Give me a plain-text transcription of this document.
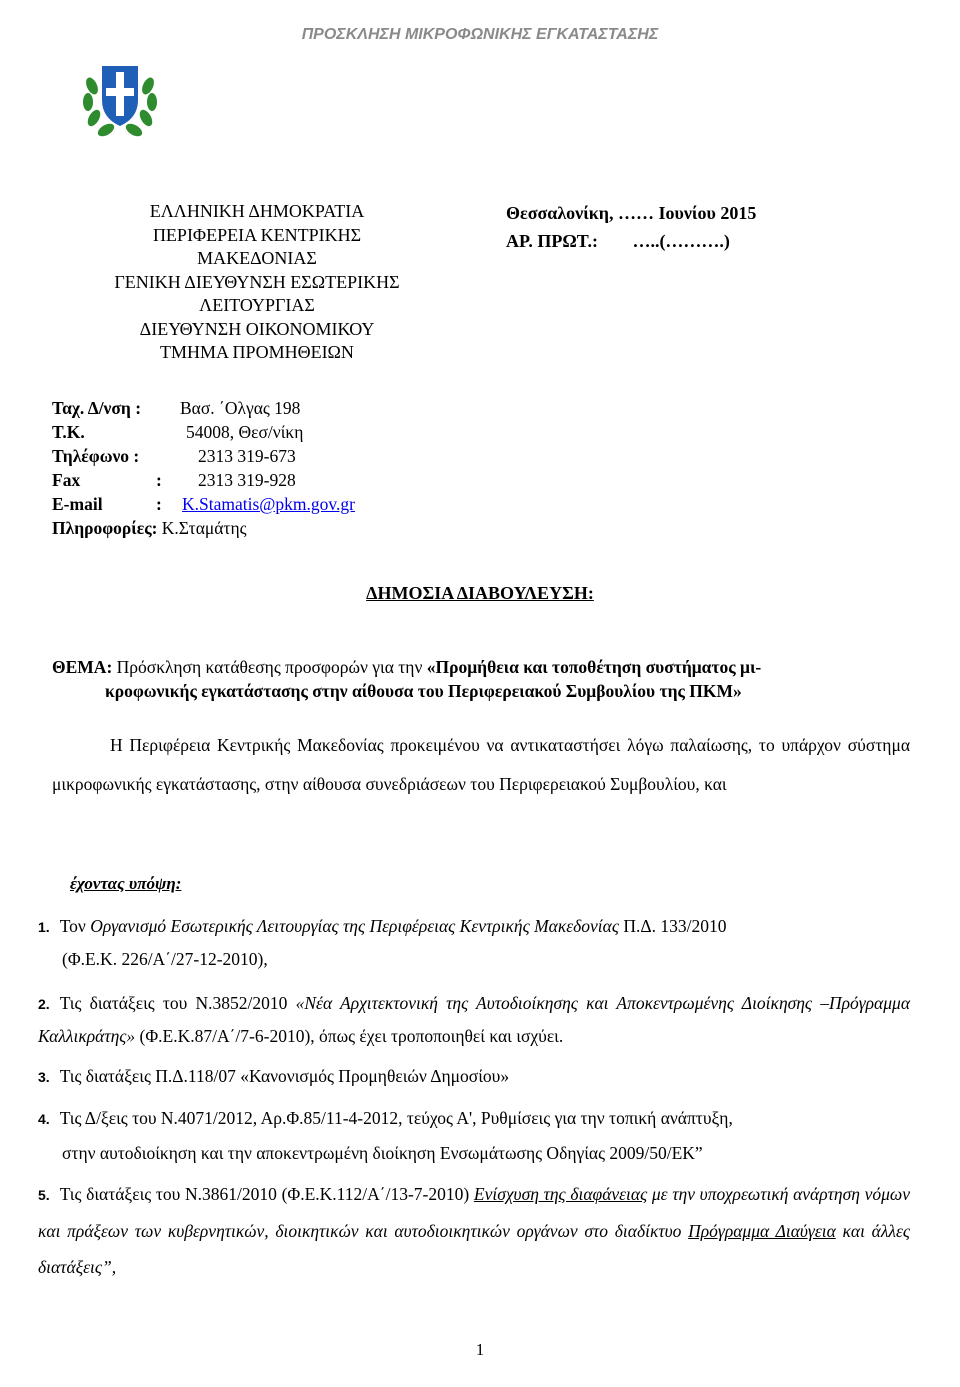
ΠΡΟΣΚΛΗΣΗ ΜΙΚΡΟΦΩΝΙΚΗΣ ΕΓΚΑΤΑΣΤΑΣΗΣ
ΕΛΛΗΝΙΚΗ ΔΗΜΟΚΡΑΤΙΑ
ΠΕΡΙΦΕΡΕΙΑ ΚΕΝΤΡΙΚΗΣ
ΜΑΚΕΔΟΝΙΑΣ
ΓΕΝΙΚΗ ΔΙΕΥΘΥΝΣΗ ΕΣΩΤΕΡΙΚΗΣ
ΛΕΙΤΟΥΡΓΙΑΣ
ΔΙΕΥΘΥΝΣΗ ΟΙΚΟΝΟΜΙΚΟΥ
ΤΜΗΜΑ ΠΡΟΜΗΘΕΙΩΝ
Θεσσαλονίκη, …… Ιουνίου 2015
ΑΡ. ΠΡΩΤ.: …..(……….)
Ταχ. Δ/νση :	Βασ. ΄Ολγας 198
Τ.Κ.	54008, Θεσ/νίκη
Τηλέφωνο :	2313 319-673
Fax	:	2313 319-928
E-mail	:	K.Stamatis@pkm.gov.gr
Πληροφορίες:
Κ.Σταμάτης
ΔΗΜΟΣΙΑ ΔΙΑΒΟΥΛΕΥΣΗ:
ΘΕΜΑ: Πρόσκληση κατάθεσης προσφορών για την «Προμήθεια και τοποθέτηση συστήματος μι-
κροφωνικής εγκατάστασης στην αίθουσα του Περιφερειακού Συμβουλίου της ΠΚΜ»
Η Περιφέρεια Κεντρικής Μακεδονίας προκειμένου να αντικαταστήσει λόγω παλαίωσης, το υπάρχον σύστημα μικροφωνικής εγκατάστασης, στην αίθουσα συνεδριάσεων του Περιφερειακού Συμβουλίου, και
έχοντας υπόψη:
1. Τον Οργανισμό Εσωτερικής Λειτουργίας της Περιφέρειας Κεντρικής Μακεδονίας Π.Δ. 133/2010
(Φ.Ε.Κ. 226/Α΄/27-12-2010),
2. Τις διατάξεις του Ν.3852/2010 «Νέα Αρχιτεκτονική της Αυτοδιοίκησης και Αποκεντρωμένης Διοίκησης –Πρόγραμμα Καλλικράτης» (Φ.Ε.Κ.87/Α΄/7-6-2010), όπως έχει τροποποιηθεί και ισχύει.
3. Τις διατάξεις Π.Δ.118/07 «Κανονισμός Προμηθειών Δημοσίου»
4. Τις Δ/ξεις του Ν.4071/2012, Αρ.Φ.85/11-4-2012, τεύχος Α', Ρυθμίσεις για την τοπική ανάπτυξη,
στην αυτοδιοίκηση και την αποκεντρωμένη διοίκηση Ενσωμάτωσης Οδηγίας 2009/50/ΕΚ”
5. Τις διατάξεις του Ν.3861/2010 (Φ.Ε.Κ.112/Α΄/13-7-2010) Ενίσχυση της διαφάνειας με την υποχρεωτική ανάρτηση νόμων και πράξεων των κυβερνητικών, διοικητικών και αυτοδιοικητικών οργάνων στο διαδίκτυο Πρόγραμμα Διαύγεια και άλλες διατάξεις”,
1
